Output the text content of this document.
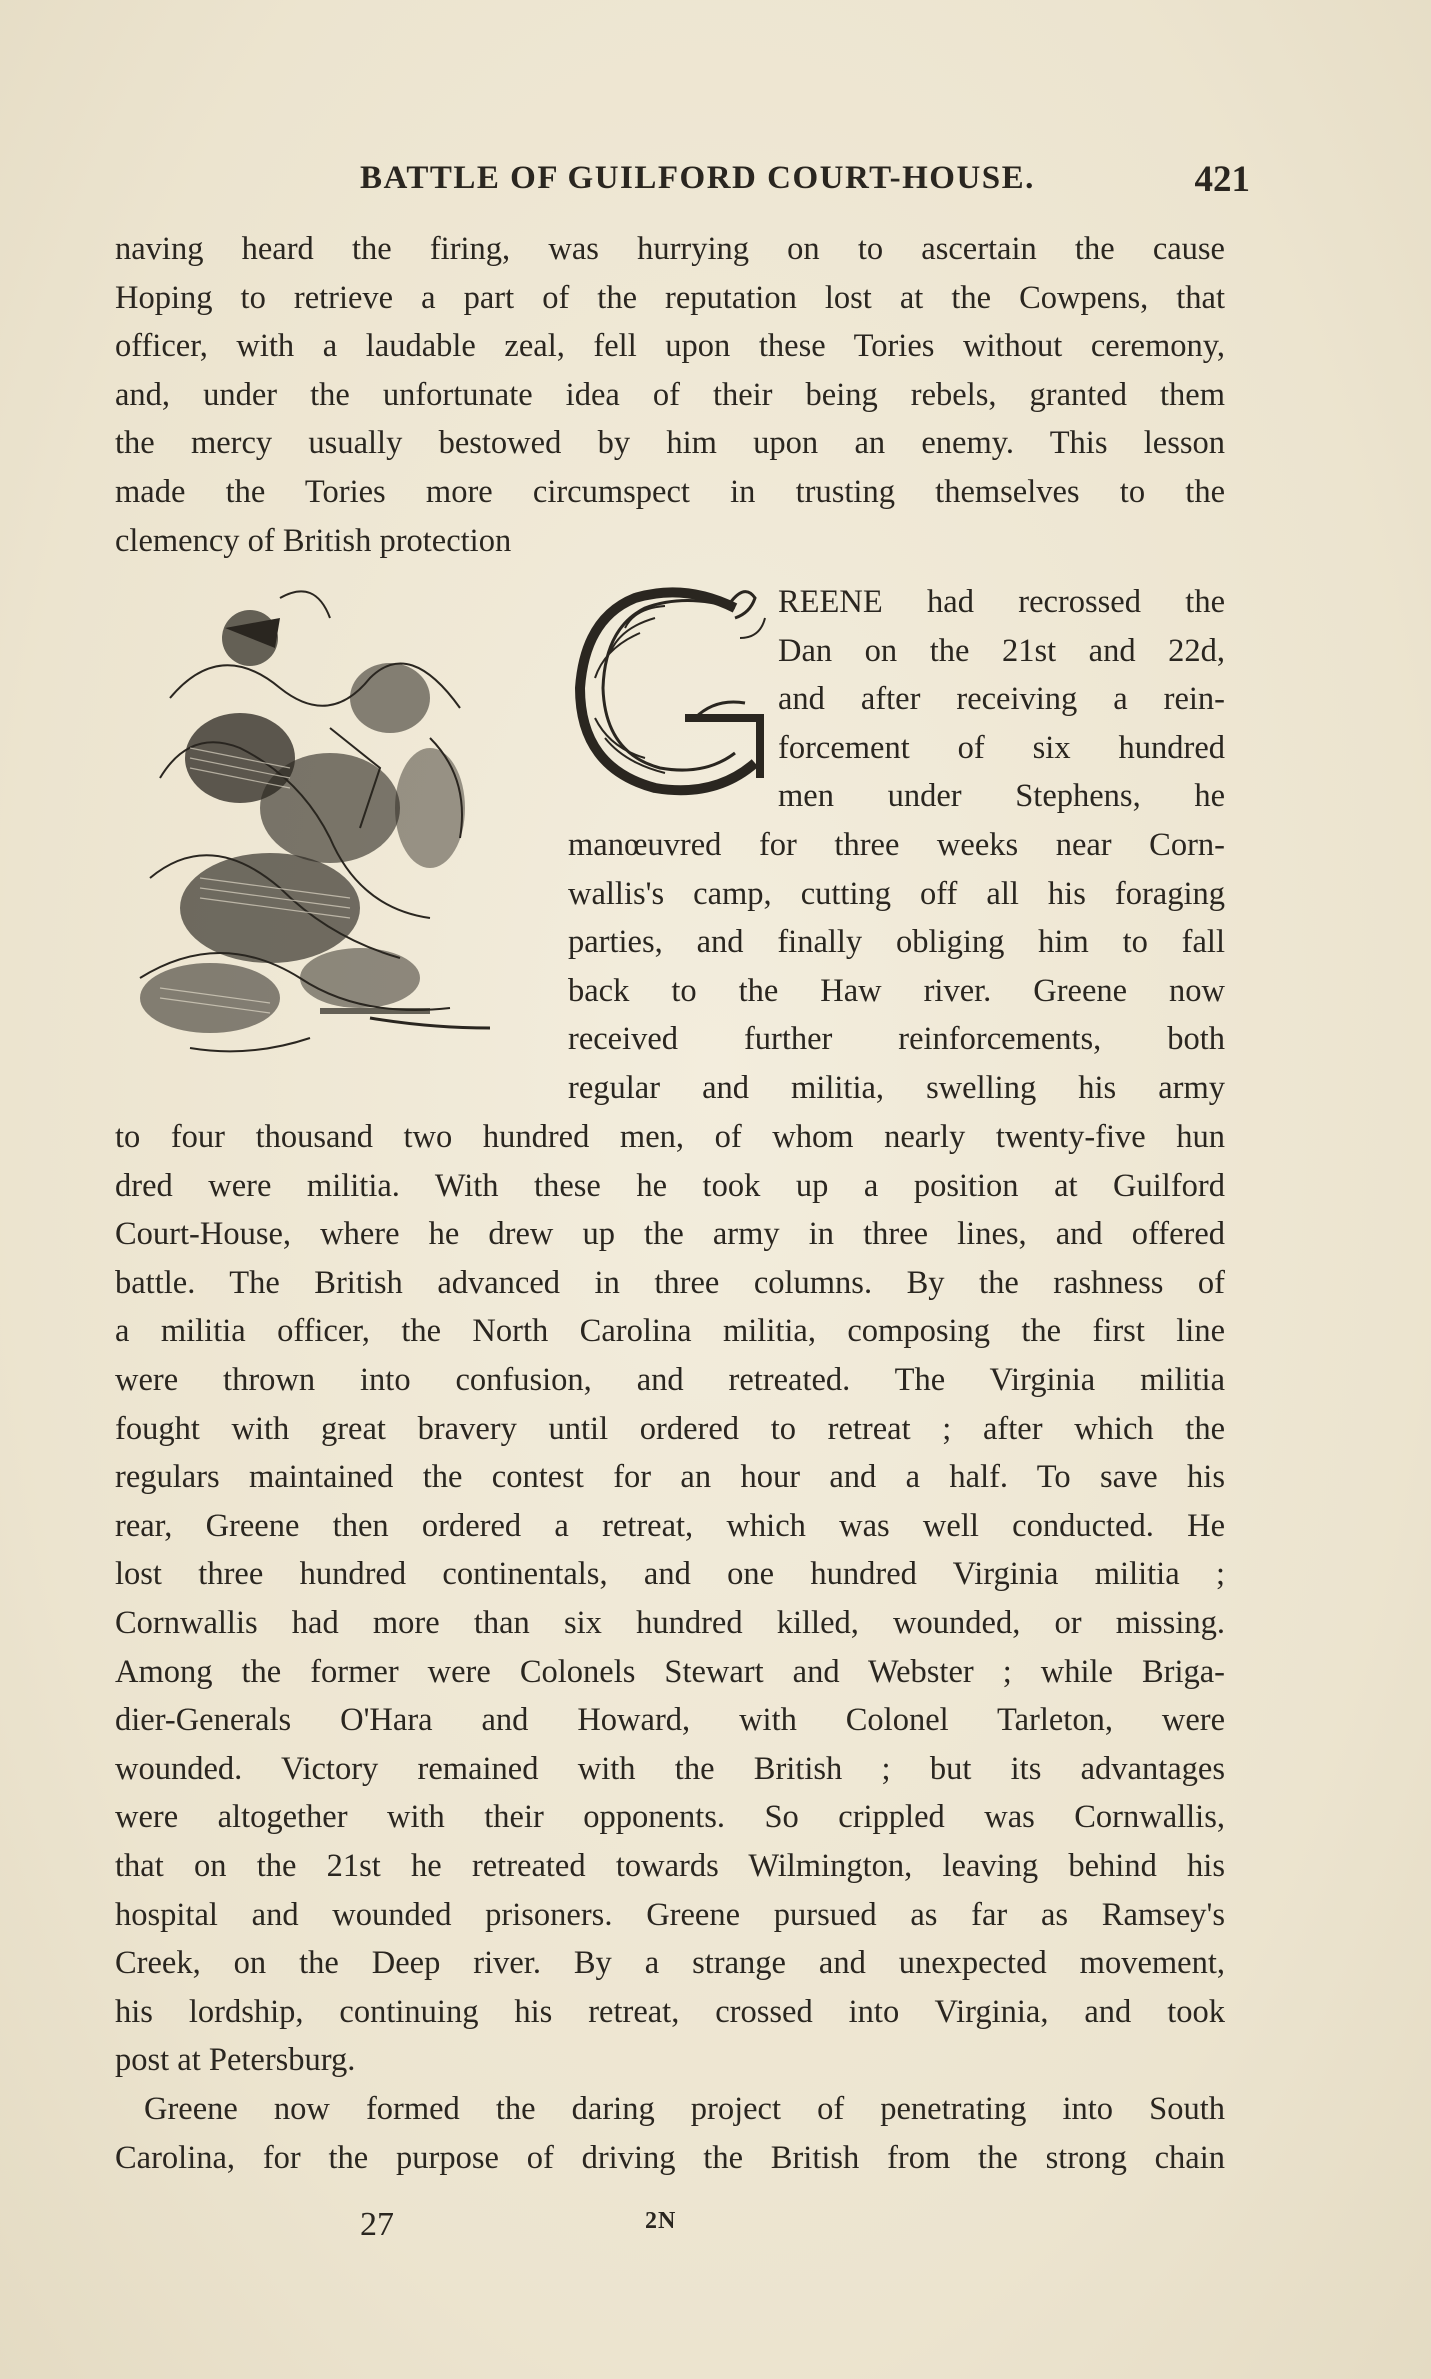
BATTLE OF GUILFORD COURT-HOUSE.	421
naving heard the firing, was hurrying on to ascertain the cause
Hoping to retrieve a part of the reputation lost at the Cowpens, that
officer, with a laudable zeal, fell upon these Tories without ceremony,
and, under the unfortunate idea of their being rebels, granted them
the mercy usually bestowed by him upon an enemy. This lesson
made the Tories more circumspect in trusting themselves to the
clemency of British protection
REENE had recrossed the
Dan on the 21st and 22d,
and after receiving a rein-
forcement of six hundred
men under Stephens, he
manœuvred for three weeks near Corn-
wallis's camp, cutting off all his foraging
parties, and finally obliging him to fall
back to the Haw river. Greene now
received further reinforcements, both
regular and militia, swelling his army
to four thousand two hundred men, of whom nearly twenty-five hun
dred were militia. With these he took up a position at Guilford
Court-House, where he drew up the army in three lines, and offered
battle. The British advanced in three columns. By the rashness of
a militia officer, the North Carolina militia, composing the first line
were thrown into confusion, and retreated. The Virginia militia
fought with great bravery until ordered to retreat ; after which the
regulars maintained the contest for an hour and a half. To save his
rear, Greene then ordered a retreat, which was well conducted. He
lost three hundred continentals, and one hundred Virginia militia ;
Cornwallis had more than six hundred killed, wounded, or missing.
Among the former were Colonels Stewart and Webster ; while Briga-
dier-Generals O'Hara and Howard, with Colonel Tarleton, were
wounded. Victory remained with the British ; but its advantages
were altogether with their opponents. So crippled was Cornwallis,
that on the 21st he retreated towards Wilmington, leaving behind his
hospital and wounded prisoners. Greene pursued as far as Ramsey's
Creek, on the Deep river. By a strange and unexpected movement,
his lordship, continuing his retreat, crossed into Virginia, and took
post at Petersburg.
Greene now formed the daring project of penetrating into South
Carolina, for the purpose of driving the British from the strong chain
27	2N
